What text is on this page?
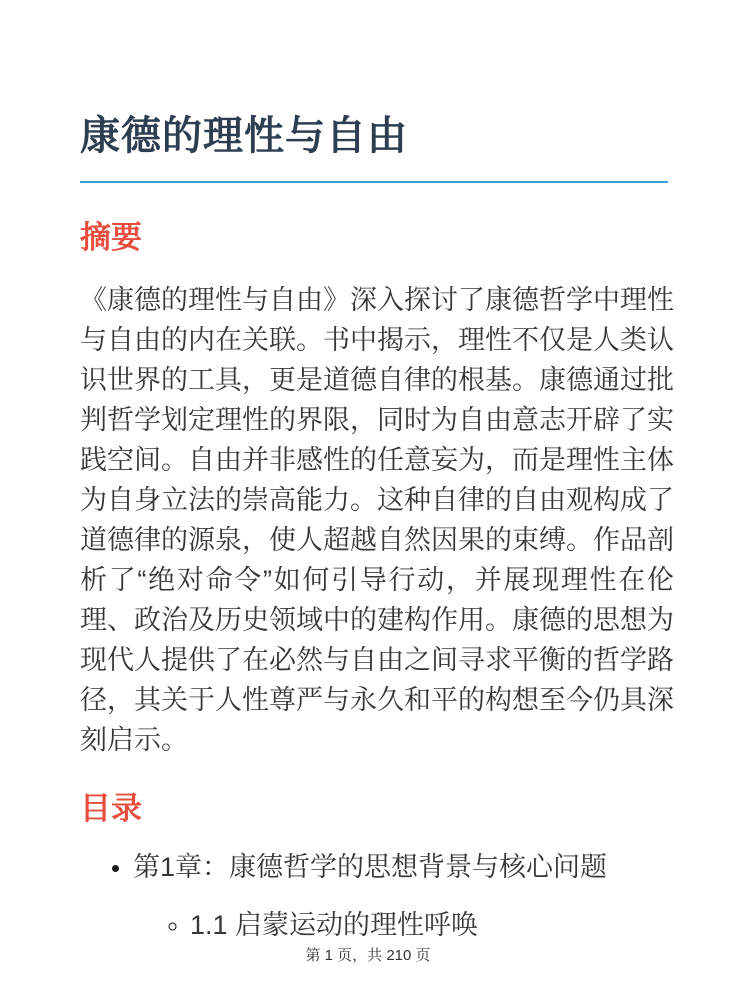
康德的理性与自由
摘要

《康德的理性与自由》深入探讨了康德哲学中理性与自由的内在关联。书中揭示，理性不仅是人类认识世界的工具，更是道德自律的根基。康德通过批判哲学划定理性的界限，同时为自由意志开辟了实践空间。自由并非感性的任意妄为，而是理性主体为自身立法的崇高能力。这种自律的自由观构成了道德律的源泉，使人超越自然因果的束缚。作品剖析了“绝对命令”如何引导行动，并展现理性在伦理、政治及历史领域中的建构作用。康德的思想为现代人提供了在必然与自由之间寻求平衡的哲学路径，其关于人性尊严与永久和平的构想至今仍具深刻启示。

目录
• 第1章：康德哲学的思想背景与核心问题
◦ 1.1 启蒙运动的理性呼唤
第 1 页，共 210 页
